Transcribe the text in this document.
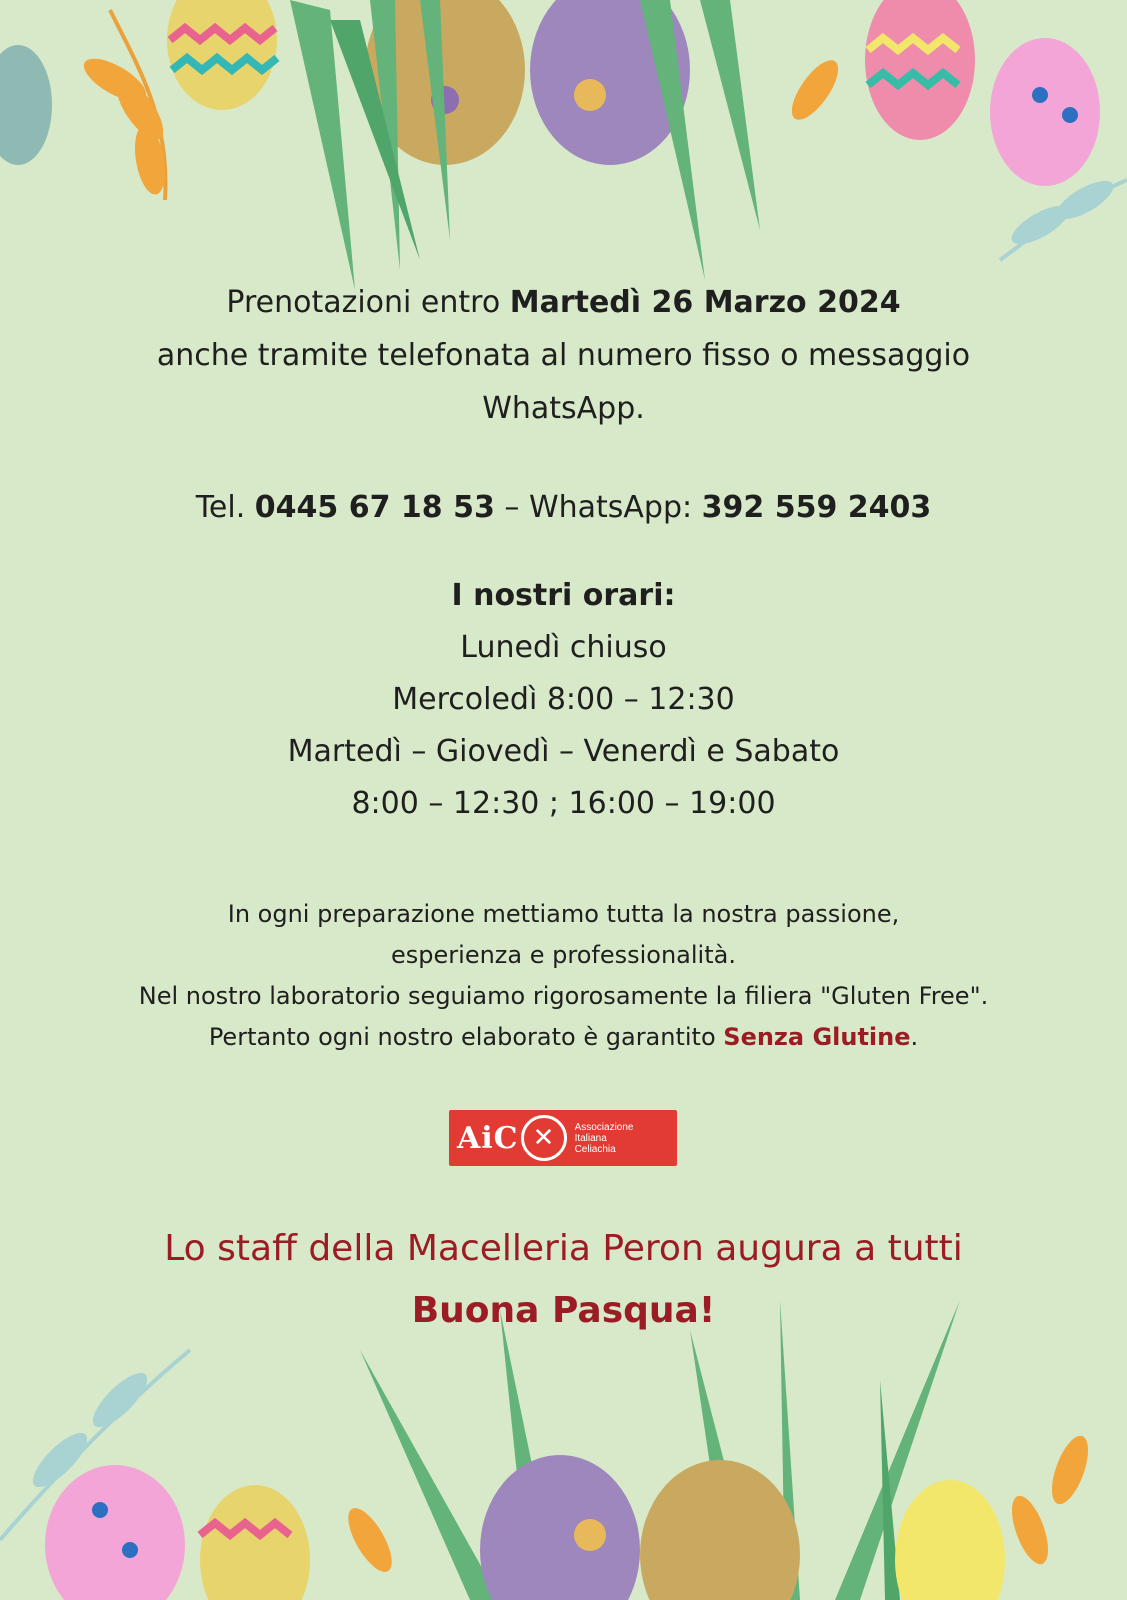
Prenotazioni entro Martedì 26 Marzo 2024
anche tramite telefonata al numero fisso o messaggio
WhatsApp.
Tel. 0445 67 18 53 – WhatsApp: 392 559 2403
I nostri orari:
Lunedì chiuso
Mercoledì 8:00 – 12:30
Martedì – Giovedì – Venerdì e Sabato
8:00 – 12:30 ; 16:00 – 19:00
In ogni preparazione mettiamo tutta la nostra passione,
esperienza e professionalità.
Nel nostro laboratorio seguiamo rigorosamente la filiera "Gluten Free".
Pertanto ogni nostro elaborato è garantito Senza Glutine.
AiC ✕	Associazione
Italiana
Celiachia
Lo staff della Macelleria Peron augura a tutti
Buona Pasqua!
